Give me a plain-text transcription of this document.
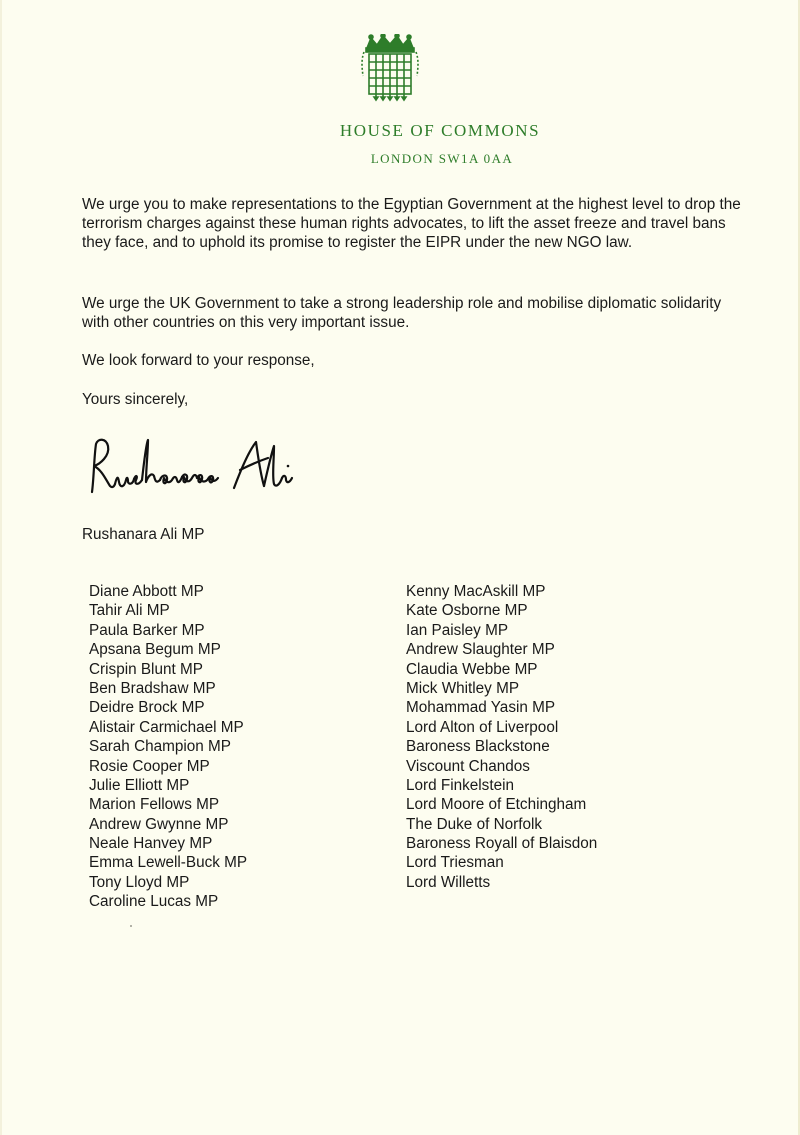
HOUSE OF COMMONS
LONDON SW1A 0AA

We urge you to make representations to the Egyptian Government at the highest level to drop the terrorism charges against these human rights advocates, to lift the asset freeze and travel bans they face, and to uphold its promise to register the EIPR under the new NGO law.

We urge the UK Government to take a strong leadership role and mobilise diplomatic solidarity with other countries on this very important issue.

We look forward to your response,

Yours sincerely,

Rushanara Ali MP
Diane Abbott MP
Tahir Ali MP
Paula Barker MP
Apsana Begum MP
Crispin Blunt MP
Ben Bradshaw MP
Deidre Brock MP
Alistair Carmichael MP
Sarah Champion MP
Rosie Cooper MP
Julie Elliott MP
Marion Fellows MP
Andrew Gwynne MP
Neale Hanvey MP
Emma Lewell-Buck MP
Tony Lloyd MP
Caroline Lucas MP
Kenny MacAskill MP
Kate Osborne MP
Ian Paisley MP
Andrew Slaughter MP
Claudia Webbe MP
Mick Whitley MP
Mohammad Yasin MP
Lord Alton of Liverpool
Baroness Blackstone
Viscount Chandos
Lord Finkelstein
Lord Moore of Etchingham
The Duke of Norfolk
Baroness Royall of Blaisdon
Lord Triesman
Lord Willetts
